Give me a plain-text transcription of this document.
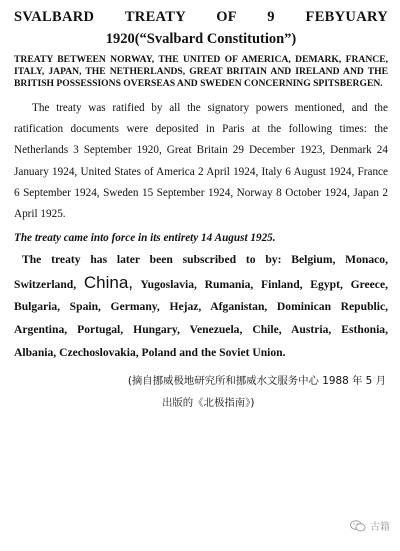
SVALBARD TREATY OF 9 FEBYUARY

1920(“Svalbard Constitution”)

TREATY BETWEEN NORWAY, THE UNITED OF AMERICA, DEMARK, FRANCE, ITALY, JAPAN, THE NETHERLANDS, GREAT BRITAIN AND IRELAND AND THE BRITISH POSSESSIONS OVERSEAS AND SWEDEN CONCERNING SPITSBERGEN.

The treaty was ratified by all the signatory powers mentioned, and the ratification documents were deposited in Paris at the following times: the Netherlands 3 September 1920, Great Britain 29 December 1923, Denmark 24 January 1924, United States of America 2 April 1924, Italy 6 August 1924, France 6 September 1924, Sweden 15 September 1924, Norway 8 October 1924, Japan 2 April 1925.

The treaty came into force in its entirety 14 August 1925.

The treaty has later been subscribed to by: Belgium, Monaco, Switzerland, China, Yugoslavia, Rumania, Finland, Egypt, Greece, Bulgaria, Spain, Germany, Hejaz, Afganistan, Dominican Republic, Argentina, Portugal, Hungary, Venezuela, Chile, Austria, Esthonia, Albania, Czechoslovakia, Poland and the Soviet Union.

(摘自挪威极地研究所和挪威水文服务中心 1988 年 5 月
出版的《北极指南》)

古籍
